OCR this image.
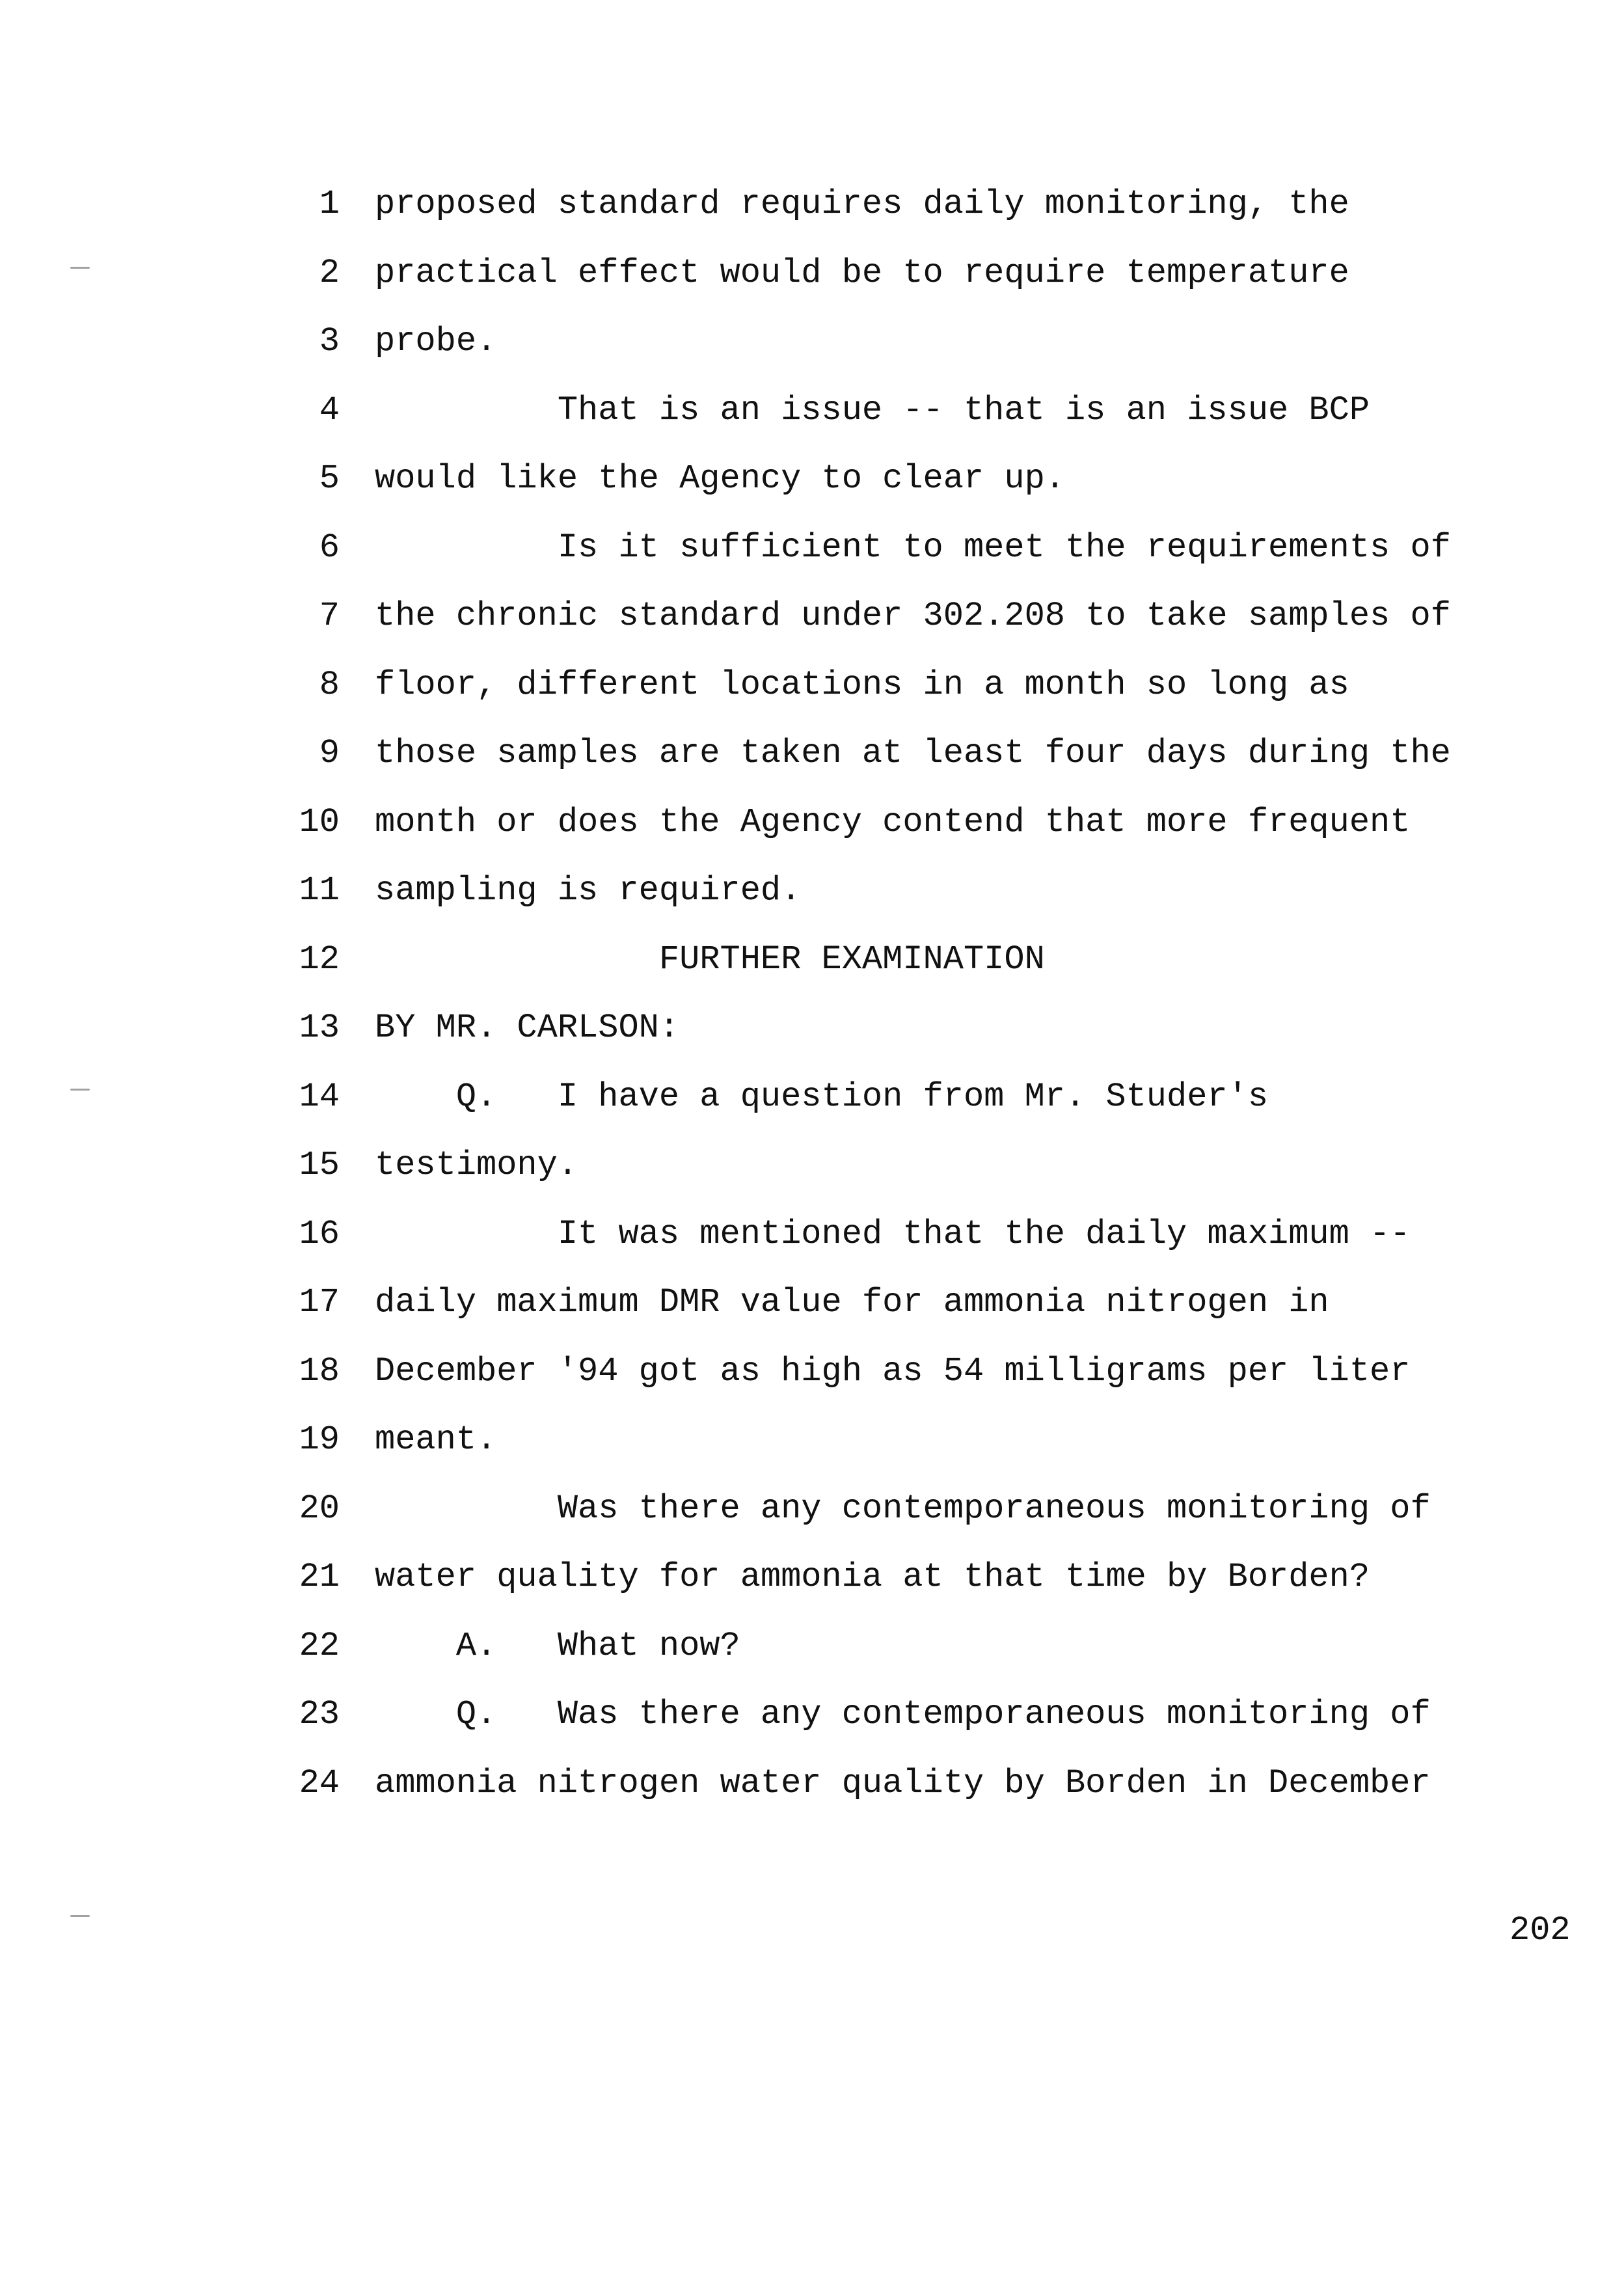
1 proposed standard requires daily monitoring, the
2 practical effect would be to require temperature
3 probe.
4 That is an issue -- that is an issue BCP
5 would like the Agency to clear up.
6 Is it sufficient to meet the requirements of
7 the chronic standard under 302.208 to take samples of
8 floor, different locations in a month so long as
9 those samples are taken at least four days during the
10 month or does the Agency contend that more frequent
11 sampling is required.
12 FURTHER EXAMINATION
13 BY MR. CARLSON:
14 Q.   I have a question from Mr. Studer's
15 testimony.
16 It was mentioned that the daily maximum --
17 daily maximum DMR value for ammonia nitrogen in
18 December '94 got as high as 54 milligrams per liter
19 meant.
20 Was there any contemporaneous monitoring of
21 water quality for ammonia at that time by Borden?
22 A.   What now?
23 Q.   Was there any contemporaneous monitoring of
24 ammonia nitrogen water quality by Borden in December
202
